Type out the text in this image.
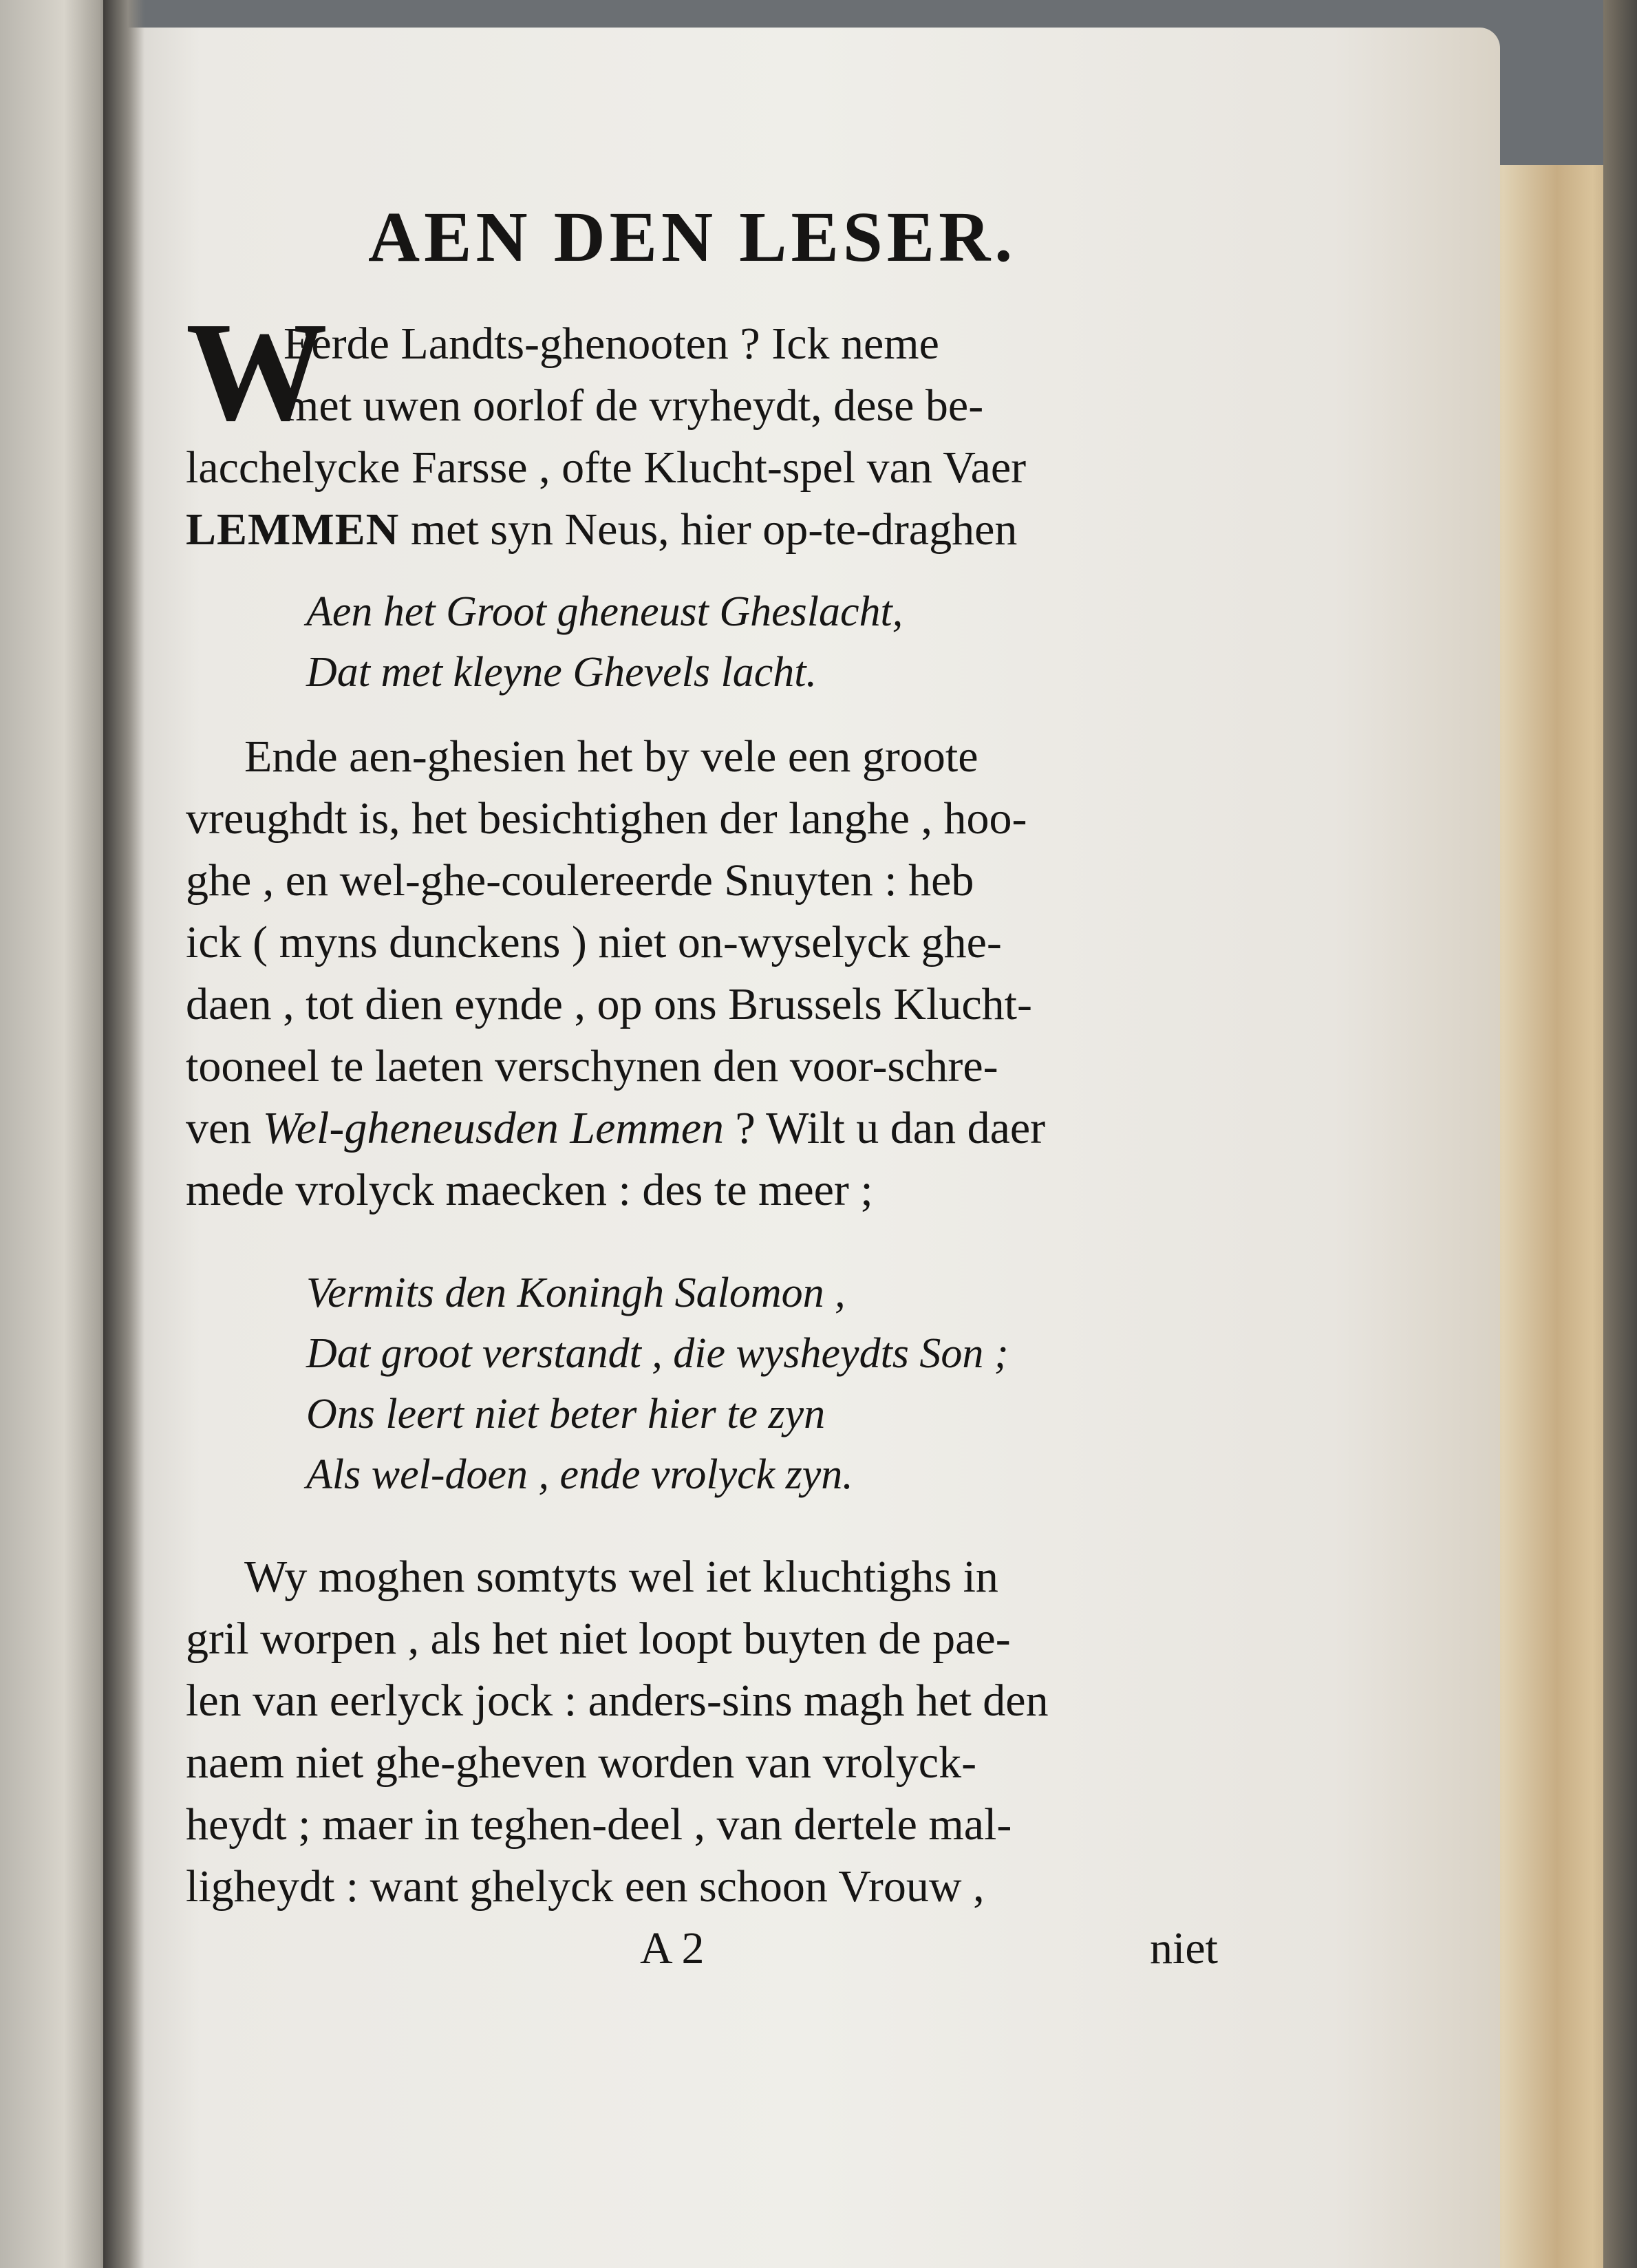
AEN DEN LESER.
W
Eerde Landts-ghenooten ? Ick neme
met uwen oorlof de vryheydt, dese be-
lacchelycke Farsse , ofte Klucht-spel van Vaer
LEMMEN met syn Neus, hier op-te-draghen
Aen het Groot gheneust Gheslacht,
Dat met kleyne Ghevels lacht.
Ende aen-ghesien het by vele een groote
vreughdt is, het besichtighen der langhe , hoo-
ghe , en wel-ghe-coulereerde Snuyten : heb
ick ( myns dunckens ) niet on-wyselyck ghe-
daen , tot dien eynde , op ons Brussels Klucht-
tooneel te laeten verschynen den voor-schre-
ven Wel-gheneusden Lemmen ? Wilt u dan daer
mede vrolyck maecken : des te meer ;
Vermits den Koningh Salomon ,
Dat groot verstandt , die wysheydts Son ;
Ons leert niet beter hier te zyn
Als wel-doen , ende vrolyck zyn.
Wy moghen somtyts wel iet kluchtighs in
gril worpen , als het niet loopt buyten de pae-
len van eerlyck jock : anders-sins magh het den
naem niet ghe-gheven worden van vrolyck-
heydt ; maer in teghen-deel , van dertele mal-
ligheydt : want ghelyck een schoon Vrouw ,
A 2	niet
